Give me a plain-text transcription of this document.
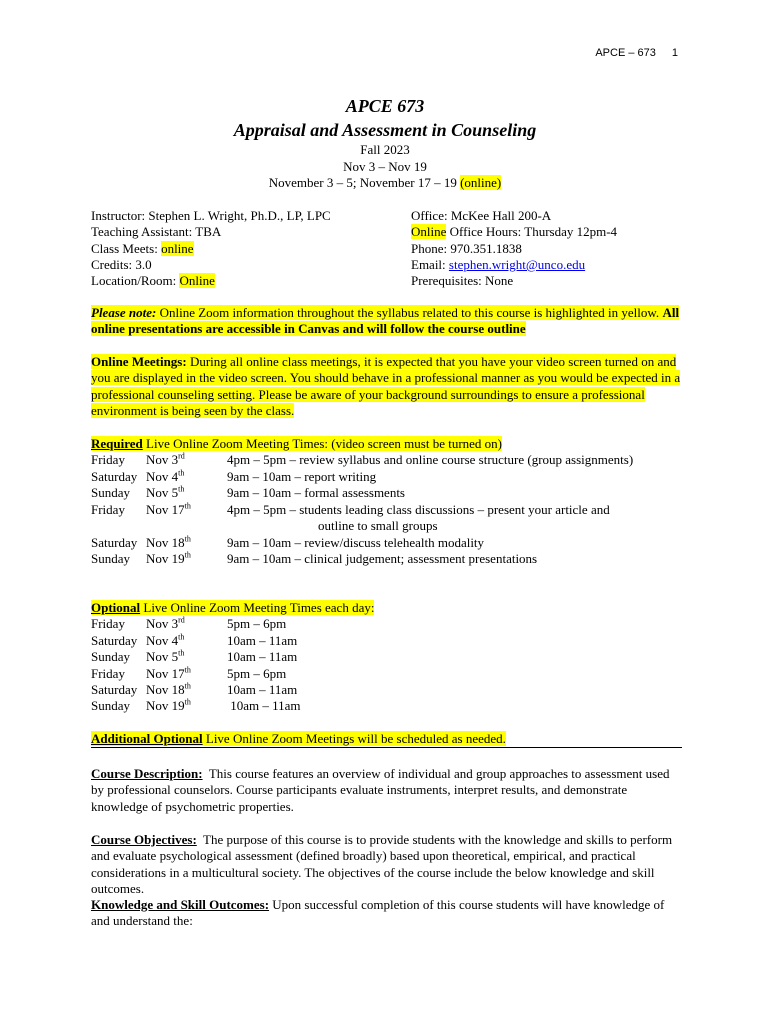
APCE – 673 1
APCE 673
Appraisal and Assessment in Counseling
Fall 2023
Nov 3 – Nov 19
November 3 – 5; November 17 – 19 (online)
Instructor: Stephen L. Wright, Ph.D., LP, LPC
Teaching Assistant: TBA
Class Meets: online
Credits: 3.0
Location/Room: Online
Office: McKee Hall 200-A
Online Office Hours: Thursday 12pm-4
Phone: 970.351.1838
Email: stephen.wright@unco.edu
Prerequisites: None
Please note: Online Zoom information throughout the syllabus related to this course is highlighted in yellow. All online presentations are accessible in Canvas and will follow the course outline
Online Meetings: During all online class meetings, it is expected that you have your video screen turned on and you are displayed in the video screen. You should behave in a professional manner as you would be expected in a professional counseling setting. Please be aware of your background surroundings to ensure a professional environment is being seen by the class.
Required Live Online Zoom Meeting Times: (video screen must be turned on)
Friday Nov 3rd	4pm – 5pm – review syllabus and online course structure (group assignments)
Saturday Nov 4th	9am – 10am – report writing
Sunday Nov 5th	9am – 10am – formal assessments
Friday Nov 17th	4pm – 5pm – students leading class discussions – present your article and
outline to small groups
Saturday Nov 18th	9am – 10am – review/discuss telehealth modality
Sunday Nov 19th	9am – 10am – clinical judgement; assessment presentations
Optional Live Online Zoom Meeting Times each day:
Friday Nov 3rd	5pm – 6pm
Saturday Nov 4th	10am – 11am
Sunday Nov 5th	10am – 11am
Friday Nov 17th	5pm – 6pm
Saturday Nov 18th	10am – 11am
Sunday Nov 19th	10am – 11am
Additional Optional Live Online Zoom Meetings will be scheduled as needed.
Course Description:  This course features an overview of individual and group approaches to assessment used by professional counselors. Course participants evaluate instruments, interpret results, and demonstrate knowledge of psychometric properties.
Course Objectives:  The purpose of this course is to provide students with the knowledge and skills to perform and evaluate psychological assessment (defined broadly) based upon theoretical, empirical, and practical considerations in a multicultural society. The objectives of the course include the below knowledge and skill outcomes.
Knowledge and Skill Outcomes: Upon successful completion of this course students will have knowledge of and understand the:
